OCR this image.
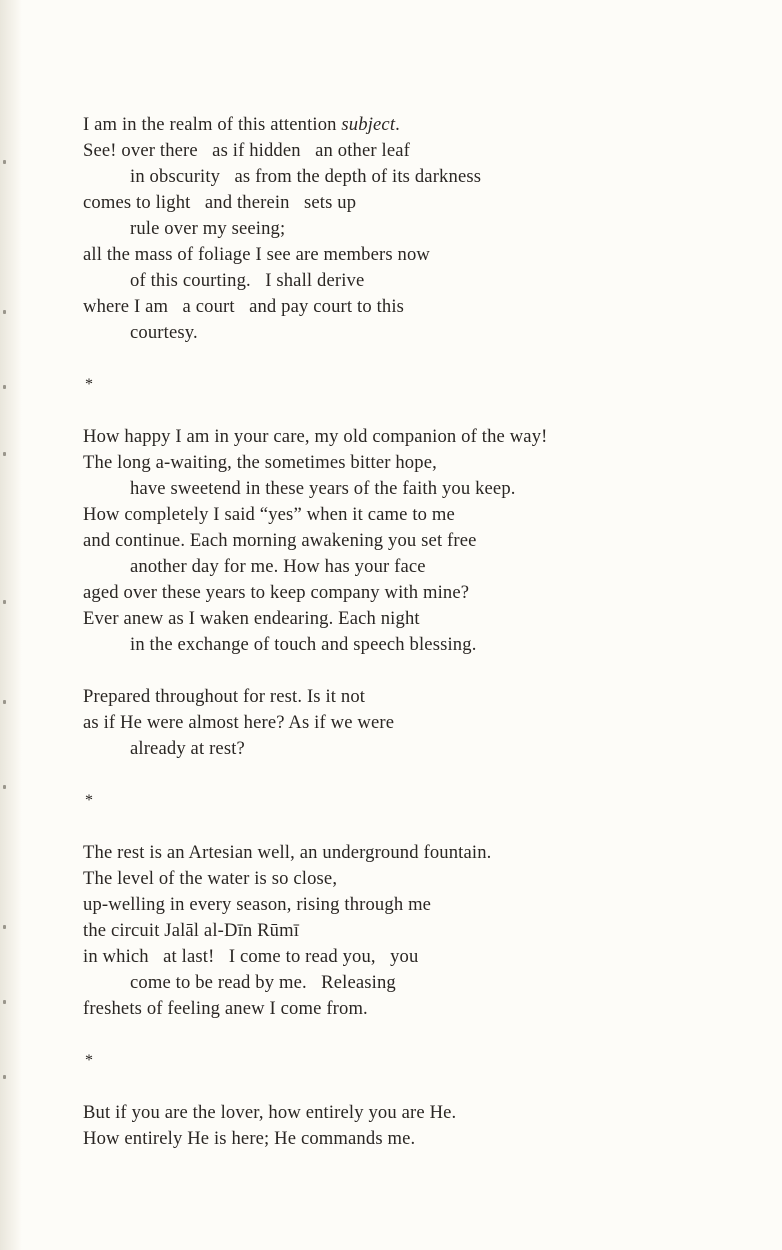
I am in the realm of this attention subject.
See! over there   as if hidden   an other leaf
in obscurity   as from the depth of its darkness
comes to light   and therein   sets up
rule over my seeing;
all the mass of foliage I see are members now
of this courting.   I shall derive
where I am   a court   and pay court to this
courtesy.
*
How happy I am in your care, my old companion of the way!
The long a-waiting, the sometimes bitter hope,
have sweetend in these years of the faith you keep.
How completely I said “yes” when it came to me
and continue. Each morning awakening you set free
another day for me. How has your face
aged over these years to keep company with mine?
Ever anew as I waken endearing. Each night
in the exchange of touch and speech blessing.
Prepared throughout for rest. Is it not
as if He were almost here? As if we were
already at rest?
*
The rest is an Artesian well, an underground fountain.
The level of the water is so close,
up-welling in every season, rising through me
the circuit Jalāl al-Dīn Rūmī
in which   at last!   I come to read you,   you
come to be read by me.   Releasing
freshets of feeling anew I come from.
*
But if you are the lover, how entirely you are He.
How entirely He is here; He commands me.
